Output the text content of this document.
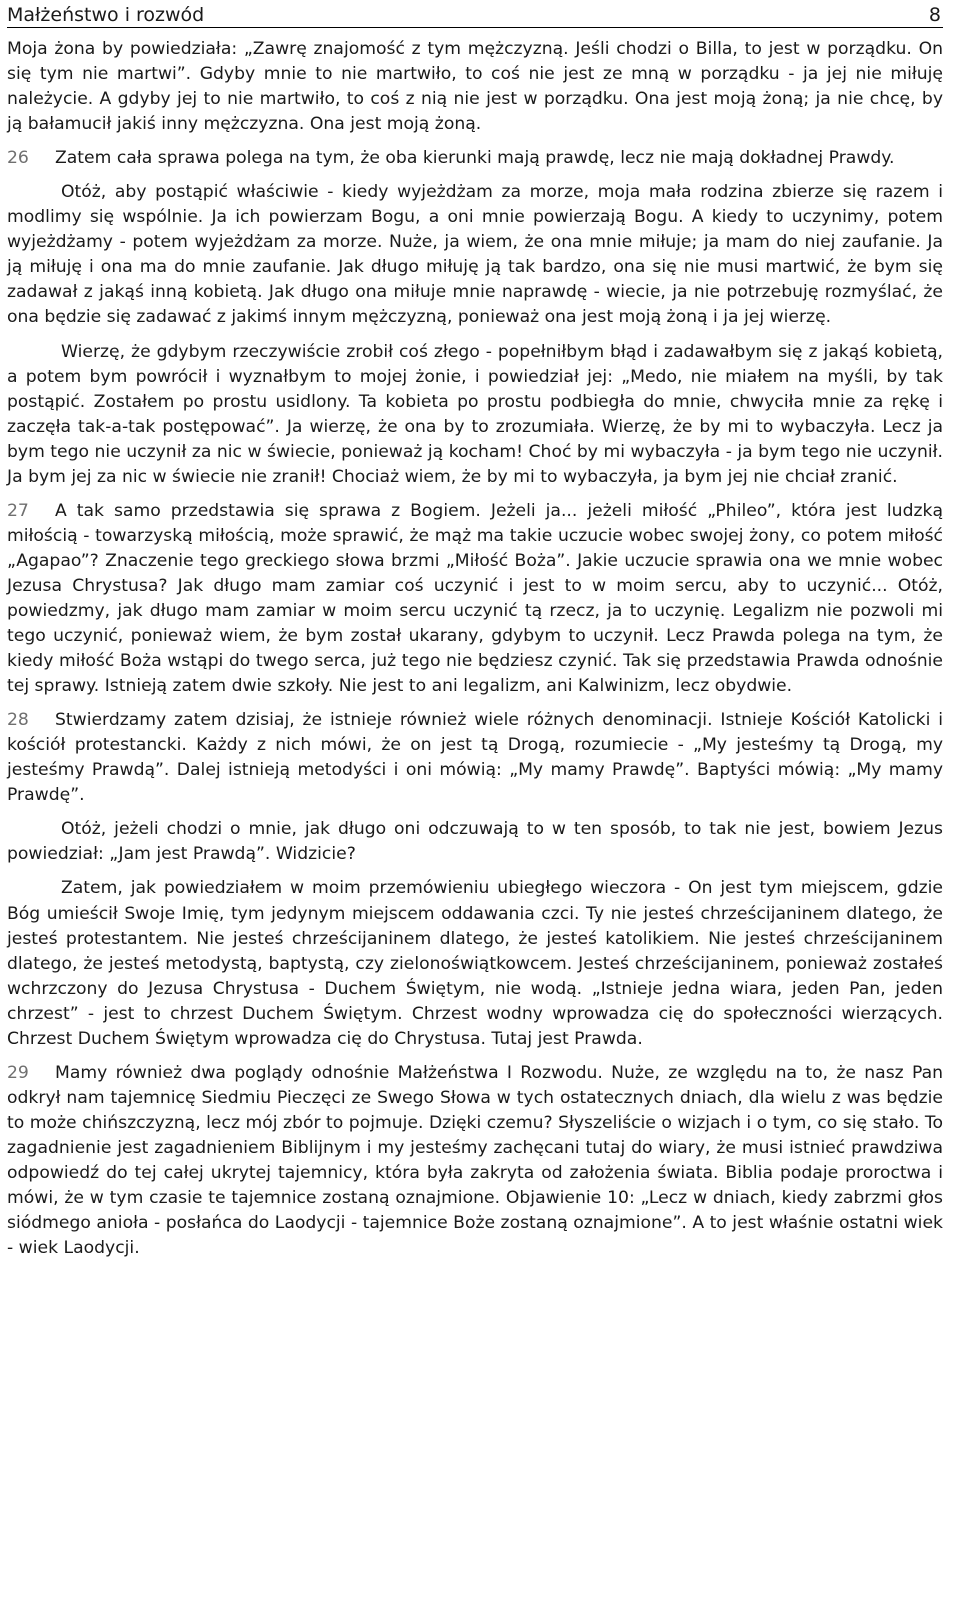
Małżeństwo i rozwód	8

Moja żona by powiedziała: „Zawrę znajomość z tym mężczyzną. Jeśli chodzi o Billa, to jest w porządku. On się tym nie martwi”. Gdyby mnie to nie martwiło, to coś nie jest ze mną w porządku - ja jej nie miłuję należycie. A gdyby jej to nie martwiło, to coś z nią nie jest w porządku. Ona jest moją żoną; ja nie chcę, by ją bałamucił jakiś inny mężczyzna. Ona jest moją żoną.

26 Zatem cała sprawa polega na tym, że oba kierunki mają prawdę, lecz nie mają dokładnej Prawdy.

Otóż, aby postąpić właściwie - kiedy wyjeżdżam za morze, moja mała rodzina zbierze się razem i modlimy się wspólnie. Ja ich powierzam Bogu, a oni mnie powierzają Bogu. A kiedy to uczynimy, potem wyjeżdżamy - potem wyjeżdżam za morze. Nuże, ja wiem, że ona mnie miłuje; ja mam do niej zaufanie. Ja ją miłuję i ona ma do mnie zaufanie. Jak długo miłuję ją tak bardzo, ona się nie musi martwić, że bym się zadawał z jakąś inną kobietą. Jak długo ona miłuje mnie naprawdę - wiecie, ja nie potrzebuję rozmyślać, że ona będzie się zadawać z jakimś innym mężczyzną, ponieważ ona jest moją żoną i ja jej wierzę.

Wierzę, że gdybym rzeczywiście zrobił coś złego - popełniłbym błąd i zadawałbym się z jakąś kobietą, a potem bym powrócił i wyznałbym to mojej żonie, i powiedział jej: „Medo, nie miałem na myśli, by tak postąpić. Zostałem po prostu usidlony. Ta kobieta po prostu podbiegła do mnie, chwyciła mnie za rękę i zaczęła tak-a-tak postępować”. Ja wierzę, że ona by to zrozumiała. Wierzę, że by mi to wybaczyła. Lecz ja bym tego nie uczynił za nic w świecie, ponieważ ją kocham! Choć by mi wybaczyła - ja bym tego nie uczynił. Ja bym jej za nic w świecie nie zranił! Chociaż wiem, że by mi to wybaczyła, ja bym jej nie chciał zranić.

27 A tak samo przedstawia się sprawa z Bogiem. Jeżeli ja... jeżeli miłość „Phileo”, która jest ludzką miłością - towarzyską miłością, może sprawić, że mąż ma takie uczucie wobec swojej żony, co potem miłość „Agapao”? Znaczenie tego greckiego słowa brzmi „Miłość Boża”. Jakie uczucie sprawia ona we mnie wobec Jezusa Chrystusa? Jak długo mam zamiar coś uczynić i jest to w moim sercu, aby to uczynić... Otóż, powiedzmy, jak długo mam zamiar w moim sercu uczynić tą rzecz, ja to uczynię. Legalizm nie pozwoli mi tego uczynić, ponieważ wiem, że bym został ukarany, gdybym to uczynił. Lecz Prawda polega na tym, że kiedy miłość Boża wstąpi do twego serca, już tego nie będziesz czynić. Tak się przedstawia Prawda odnośnie tej sprawy. Istnieją zatem dwie szkoły. Nie jest to ani legalizm, ani Kalwinizm, lecz obydwie.

28 Stwierdzamy zatem dzisiaj, że istnieje również wiele różnych denominacji. Istnieje Kościół Katolicki i kościół protestancki. Każdy z nich mówi, że on jest tą Drogą, rozumiecie - „My jesteśmy tą Drogą, my jesteśmy Prawdą”. Dalej istnieją metodyści i oni mówią: „My mamy Prawdę”. Baptyści mówią: „My mamy Prawdę”.

Otóż, jeżeli chodzi o mnie, jak długo oni odczuwają to w ten sposób, to tak nie jest, bowiem Jezus powiedział: „Jam jest Prawdą”. Widzicie?

Zatem, jak powiedziałem w moim przemówieniu ubiegłego wieczora - On jest tym miejscem, gdzie Bóg umieścił Swoje Imię, tym jedynym miejscem oddawania czci. Ty nie jesteś chrześcijaninem dlatego, że jesteś protestantem. Nie jesteś chrześcijaninem dlatego, że jesteś katolikiem. Nie jesteś chrześcijaninem dlatego, że jesteś metodystą, baptystą, czy zielonoświątkowcem. Jesteś chrześcijaninem, ponieważ zostałeś wchrzczony do Jezusa Chrystusa - Duchem Świętym, nie wodą. „Istnieje jedna wiara, jeden Pan, jeden chrzest” - jest to chrzest Duchem Świętym. Chrzest wodny wprowadza cię do społeczności wierzących. Chrzest Duchem Świętym wprowadza cię do Chrystusa. Tutaj jest Prawda.

29 Mamy również dwa poglądy odnośnie Małżeństwa I Rozwodu. Nuże, ze względu na to, że nasz Pan odkrył nam tajemnicę Siedmiu Pieczęci ze Swego Słowa w tych ostatecznych dniach, dla wielu z was będzie to może chińszczyzną, lecz mój zbór to pojmuje. Dzięki czemu? Słyszeliście o wizjach i o tym, co się stało. To zagadnienie jest zagadnieniem Biblijnym i my jesteśmy zachęcani tutaj do wiary, że musi istnieć prawdziwa odpowiedź do tej całej ukrytej tajemnicy, która była zakryta od założenia świata. Biblia podaje proroctwa i mówi, że w tym czasie te tajemnice zostaną oznajmione. Objawienie 10: „Lecz w dniach, kiedy zabrzmi głos siódmego anioła - posłańca do Laodycji - tajemnice Boże zostaną oznajmione”. A to jest właśnie ostatni wiek - wiek Laodycji.
